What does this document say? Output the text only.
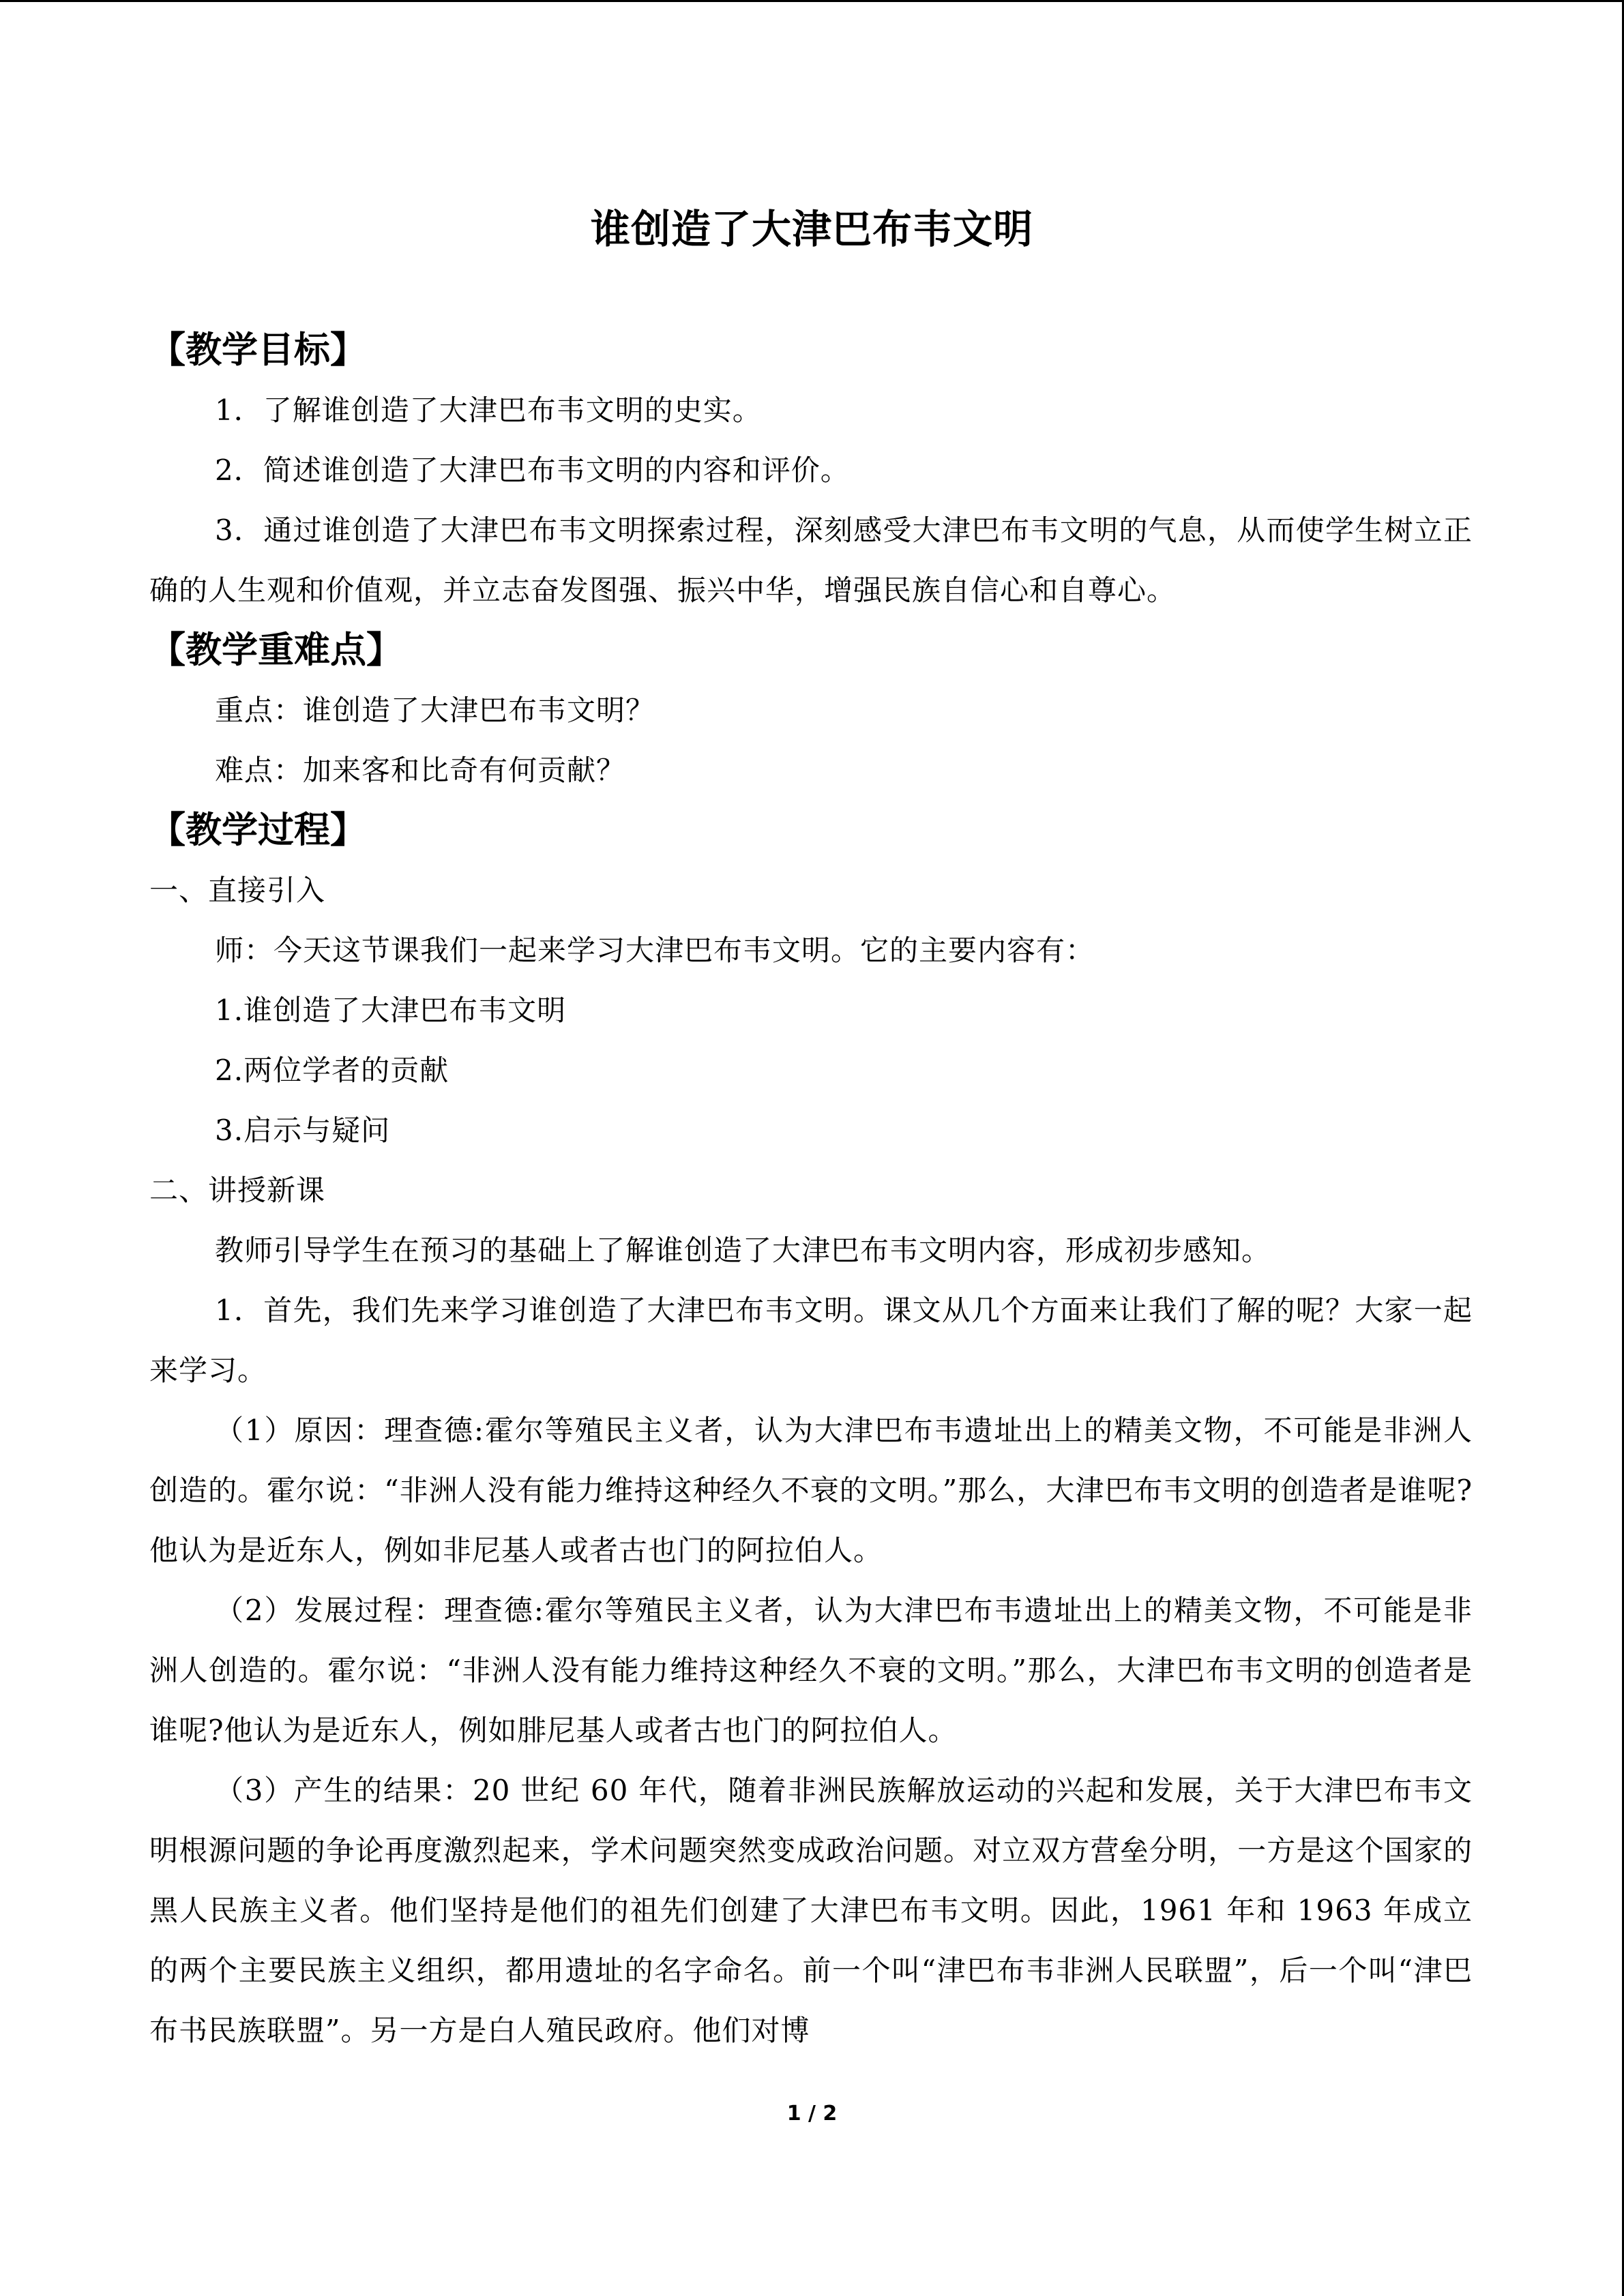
谁创造了大津巴布韦文明
【教学目标】
1．了解谁创造了大津巴布韦文明的史实。
2．简述谁创造了大津巴布韦文明的内容和评价。
3．通过谁创造了大津巴布韦文明探索过程，深刻感受大津巴布韦文明的气息，从而使学生树立正确的人生观和价值观，并立志奋发图强、振兴中华，增强民族自信心和自尊心。
【教学重难点】
重点：谁创造了大津巴布韦文明？
难点：加来客和比奇有何贡献？
【教学过程】
一、直接引入
师：今天这节课我们一起来学习大津巴布韦文明。它的主要内容有：
1.谁创造了大津巴布韦文明
2.两位学者的贡献
3.启示与疑问
二、讲授新课
教师引导学生在预习的基础上了解谁创造了大津巴布韦文明内容，形成初步感知。
1．首先，我们先来学习谁创造了大津巴布韦文明。课文从几个方面来让我们了解的呢？大家一起来学习。
（1）原因：理查德:霍尔等殖民主义者，认为大津巴布韦遗址出上的精美文物，不可能是非洲人创造的。霍尔说：“非洲人没有能力维持这种经久不衰的文明。”那么，大津巴布韦文明的创造者是谁呢?他认为是近东人，例如非尼基人或者古也门的阿拉伯人。
（2）发展过程：理查德:霍尔等殖民主义者，认为大津巴布韦遗址出上的精美文物，不可能是非洲人创造的。霍尔说：“非洲人没有能力维持这种经久不衰的文明。”那么，大津巴布韦文明的创造者是谁呢?他认为是近东人，例如腓尼基人或者古也门的阿拉伯人。
（3）产生的结果：20 世纪 60 年代，随着非洲民族解放运动的兴起和发展，关于大津巴布韦文明根源问题的争论再度激烈起来，学术问题突然变成政治问题。对立双方营垒分明，一方是这个国家的黑人民族主义者。他们坚持是他们的祖先们创建了大津巴布韦文明。因此，1961 年和 1963 年成立的两个主要民族主义组织，都用遗址的名字命名。前一个叫“津巴布韦非洲人民联盟”，后一个叫“津巴布书民族联盟”。另一方是白人殖民政府。他们对博
1 / 2
